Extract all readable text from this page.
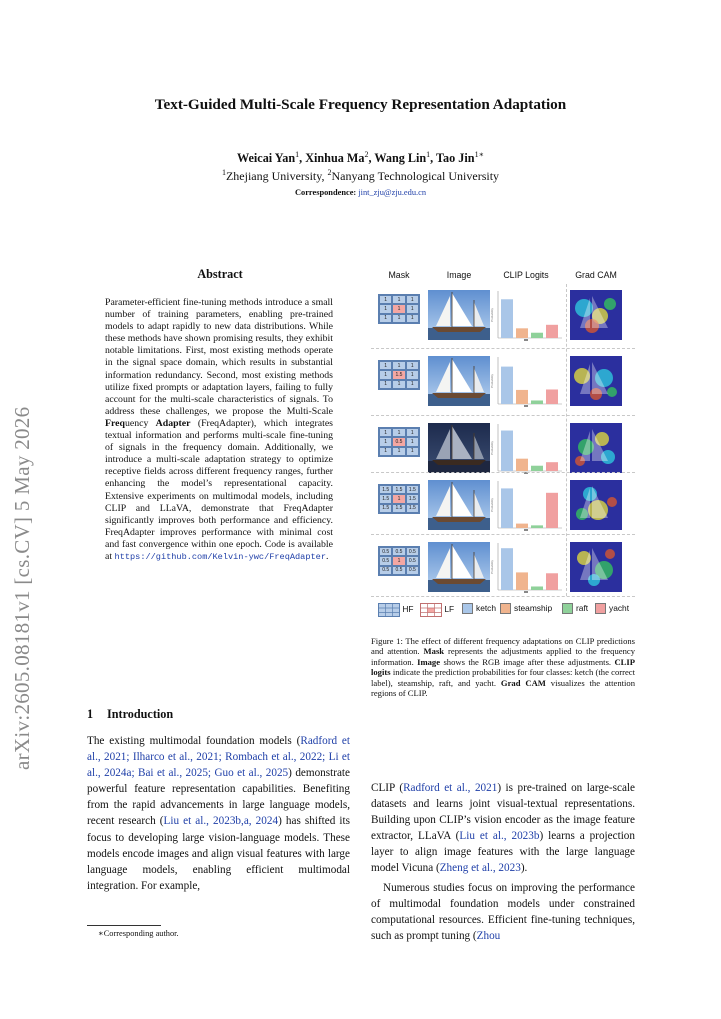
arXiv:2605.08181v1 [cs.CV] 5 May 2026
Text-Guided Multi-Scale Frequency Representation Adaptation
Weicai Yan$^1$, Xinhua Ma$^2$, Wang Lin$^1$, Tao Jin$^{1∗}$
$^1$Zhejiang University, $^2$Nanyang Technological University
Correspondence: jint_zju@zju.edu.cn
Abstract
Parameter-efficient fine-tuning methods introduce a small number of training parameters, enabling pre-trained models to adapt rapidly to new data distributions. While these methods have shown promising results, they exhibit notable limitations. First, most existing methods operate in the signal space domain, which results in substantial information redundancy. Second, most existing methods utilize fixed prompts or adaptation layers, failing to fully account for the multi-scale characteristics of signals. To address these challenges, we propose the Multi-Scale Frequency Adapter (FreqAdapter), which integrates textual information and performs multi-scale fine-tuning of signals in the frequency domain. Additionally, we introduce a multi-scale adaptation strategy to optimize receptive fields across different frequency ranges, further enhancing the model’s representational capacity. Extensive experiments on multimodal models, including CLIP and LLaVA, demonstrate that FreqAdapter significantly improves both performance and efficiency. FreqAdapter improves performance with minimal cost and fast convergence within one epoch. Code is available at https://github.com/Kelvin-ywc/FreqAdapter.
1 Introduction
The existing multimodal foundation models (Radford et al., 2021; Ilharco et al., 2021; Rombach et al., 2022; Li et al., 2024a; Bai et al., 2025; Guo et al., 2025) demonstrate powerful feature representation capabilities. Benefiting from the rapid advancements in large language models, recent research (Liu et al., 2023b,a, 2024) has shifted its focus to developing large vision-language models. These models encode images and align visual features with large language models, enabling efficient multimodal integration. For example,

CLIP (Radford et al., 2021) is pre-trained on large-scale datasets and learns joint visual-textual representations. Building upon CLIP’s vision encoder as the image feature extractor, LLaVA (Liu et al., 2023b) learns a projection layer to align image features with the large language model Vicuna (Zheng et al., 2023).

Numerous studies focus on improving the performance of multimodal foundation models under constrained computational resources. Efficient fine-tuning techniques, such as prompt tuning (Zhou

∗Corresponding author.
Mask	Image	CLIP Logits	Grad CAM
1	1	1
1	1	1
1	1	1	Probability
1	1	1
1	1.5	1
1	1	1	Probability
1	1	1
1	0.5	1
1	1	1	Probability
1.5	1.5	1.5
1.5	1	1.5
1.5	1.5	1.5	Probability
0.5	0.5	0.5
0.5	1	0.5
0.5	0.5	0.5	Probability
HF	LF	ketch	steamship	raft	yacht
Figure 1: The effect of different frequency adaptations on CLIP predictions and attention. Mask represents the adjustments applied to the frequency information. Image shows the RGB image after these adjustments. CLIP logits indicate the prediction probabilities for four classes: ketch (the correct label), steamship, raft, and yacht. Grad CAM visualizes the attention regions of CLIP.
